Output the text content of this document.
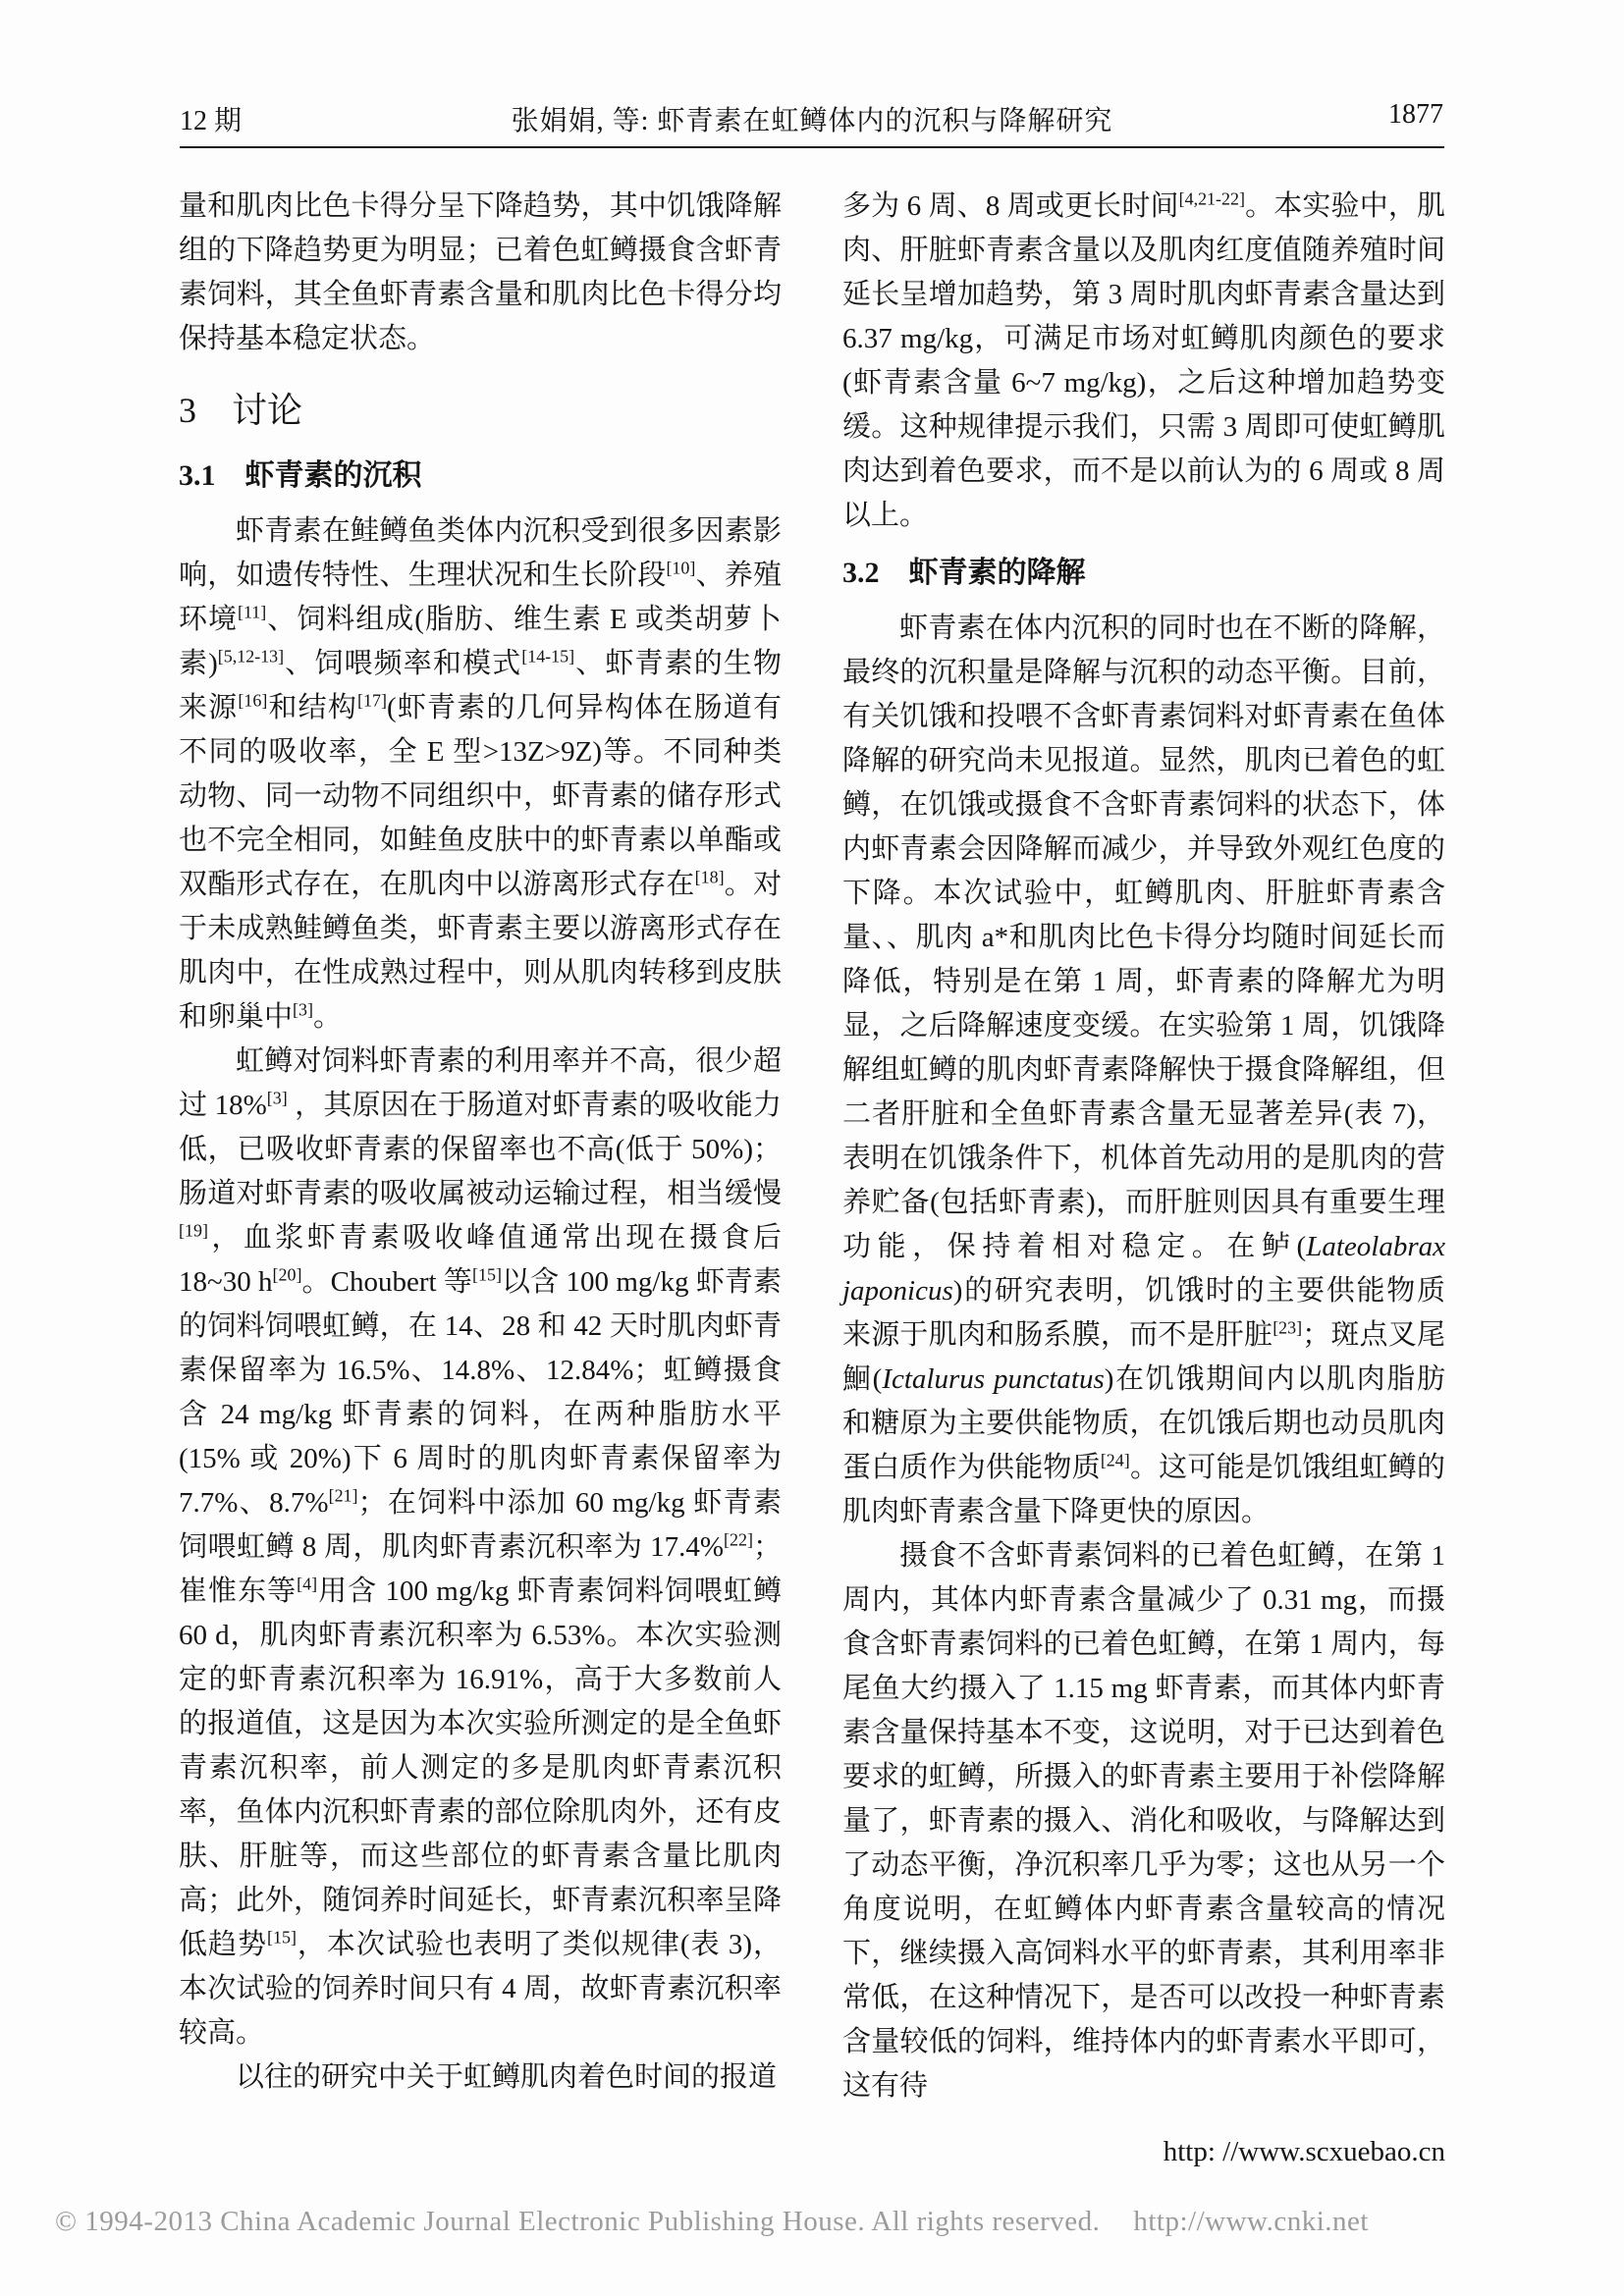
12 期	张娟娟, 等: 虾青素在虹鳟体内的沉积与降解研究	1877

量和肌肉比色卡得分呈下降趋势，其中饥饿降解组的下降趋势更为明显；已着色虹鳟摄食含虾青素饲料，其全鱼虾青素含量和肌肉比色卡得分均保持基本稳定状态。

3　讨论
3.1　虾青素的沉积

虾青素在鲑鳟鱼类体内沉积受到很多因素影响，如遗传特性、生理状况和生长阶段[10]、养殖环境[11]、饲料组成(脂肪、维生素 E 或类胡萝卜素)[5,12-13]、饲喂频率和模式[14-15]、虾青素的生物来源[16]和结构[17](虾青素的几何异构体在肠道有不同的吸收率，全 E 型>13Z>9Z)等。不同种类动物、同一动物不同组织中，虾青素的储存形式也不完全相同，如鲑鱼皮肤中的虾青素以单酯或双酯形式存在，在肌肉中以游离形式存在[18]。对于未成熟鲑鳟鱼类，虾青素主要以游离形式存在肌肉中，在性成熟过程中，则从肌肉转移到皮肤和卵巢中[3]。

虹鳟对饲料虾青素的利用率并不高，很少超过 18%[3] ，其原因在于肠道对虾青素的吸收能力低，已吸收虾青素的保留率也不高(低于 50%)；肠道对虾青素的吸收属被动运输过程，相当缓慢[19]，血浆虾青素吸收峰值通常出现在摄食后 18~30 h[20]。Choubert 等[15]以含 100 mg/kg 虾青素的饲料饲喂虹鳟，在 14、28 和 42 天时肌肉虾青素保留率为 16.5%、14.8%、12.84%；虹鳟摄食含 24 mg/kg 虾青素的饲料，在两种脂肪水平(15% 或 20%)下 6 周时的肌肉虾青素保留率为 7.7%、8.7%[21]；在饲料中添加 60 mg/kg 虾青素饲喂虹鳟 8 周，肌肉虾青素沉积率为 17.4%[22]；崔惟东等[4]用含 100 mg/kg 虾青素饲料饲喂虹鳟 60 d，肌肉虾青素沉积率为 6.53%。本次实验测定的虾青素沉积率为 16.91%，高于大多数前人的报道值，这是因为本次实验所测定的是全鱼虾青素沉积率，前人测定的多是肌肉虾青素沉积率，鱼体内沉积虾青素的部位除肌肉外，还有皮肤、肝脏等，而这些部位的虾青素含量比肌肉高；此外，随饲养时间延长，虾青素沉积率呈降低趋势[15]，本次试验也表明了类似规律(表 3)，本次试验的饲养时间只有 4 周，故虾青素沉积率较高。

以往的研究中关于虹鳟肌肉着色时间的报道

多为 6 周、8 周或更长时间[4,21-22]。本实验中，肌肉、肝脏虾青素含量以及肌肉红度值随养殖时间延长呈增加趋势，第 3 周时肌肉虾青素含量达到 6.37 mg/kg，可满足市场对虹鳟肌肉颜色的要求(虾青素含量 6~7 mg/kg)，之后这种增加趋势变缓。这种规律提示我们，只需 3 周即可使虹鳟肌肉达到着色要求，而不是以前认为的 6 周或 8 周以上。

3.2　虾青素的降解

虾青素在体内沉积的同时也在不断的降解，最终的沉积量是降解与沉积的动态平衡。目前，有关饥饿和投喂不含虾青素饲料对虾青素在鱼体降解的研究尚未见报道。显然，肌肉已着色的虹鳟，在饥饿或摄食不含虾青素饲料的状态下，体内虾青素会因降解而减少，并导致外观红色度的下降。本次试验中，虹鳟肌肉、肝脏虾青素含量、、肌肉 a*和肌肉比色卡得分均随时间延长而降低，特别是在第 1 周，虾青素的降解尤为明显，之后降解速度变缓。在实验第 1 周，饥饿降解组虹鳟的肌肉虾青素降解快于摄食降解组，但二者肝脏和全鱼虾青素含量无显著差异(表 7)，表明在饥饿条件下，机体首先动用的是肌肉的营养贮备(包括虾青素)，而肝脏则因具有重要生理功能，保持着相对稳定。在鲈(Lateolabrax japonicus)的研究表明，饥饿时的主要供能物质来源于肌肉和肠系膜，而不是肝脏[23]；斑点叉尾鮰(Ictalurus punctatus)在饥饿期间内以肌肉脂肪和糖原为主要供能物质，在饥饿后期也动员肌肉蛋白质作为供能物质[24]。这可能是饥饿组虹鳟的肌肉虾青素含量下降更快的原因。

摄食不含虾青素饲料的已着色虹鳟，在第 1 周内，其体内虾青素含量减少了 0.31 mg，而摄食含虾青素饲料的已着色虹鳟，在第 1 周内，每尾鱼大约摄入了 1.15 mg 虾青素，而其体内虾青素含量保持基本不变，这说明，对于已达到着色要求的虹鳟，所摄入的虾青素主要用于补偿降解量了，虾青素的摄入、消化和吸收，与降解达到了动态平衡，净沉积率几乎为零；这也从另一个角度说明，在虹鳟体内虾青素含量较高的情况下，继续摄入高饲料水平的虾青素，其利用率非常低，在这种情况下，是否可以改投一种虾青素含量较低的饲料，维持体内的虾青素水平即可，这有待

http: //www.scxuebao.cn
© 1994-2013 China Academic Journal Electronic Publishing House. All rights reserved. http://www.cnki.net
